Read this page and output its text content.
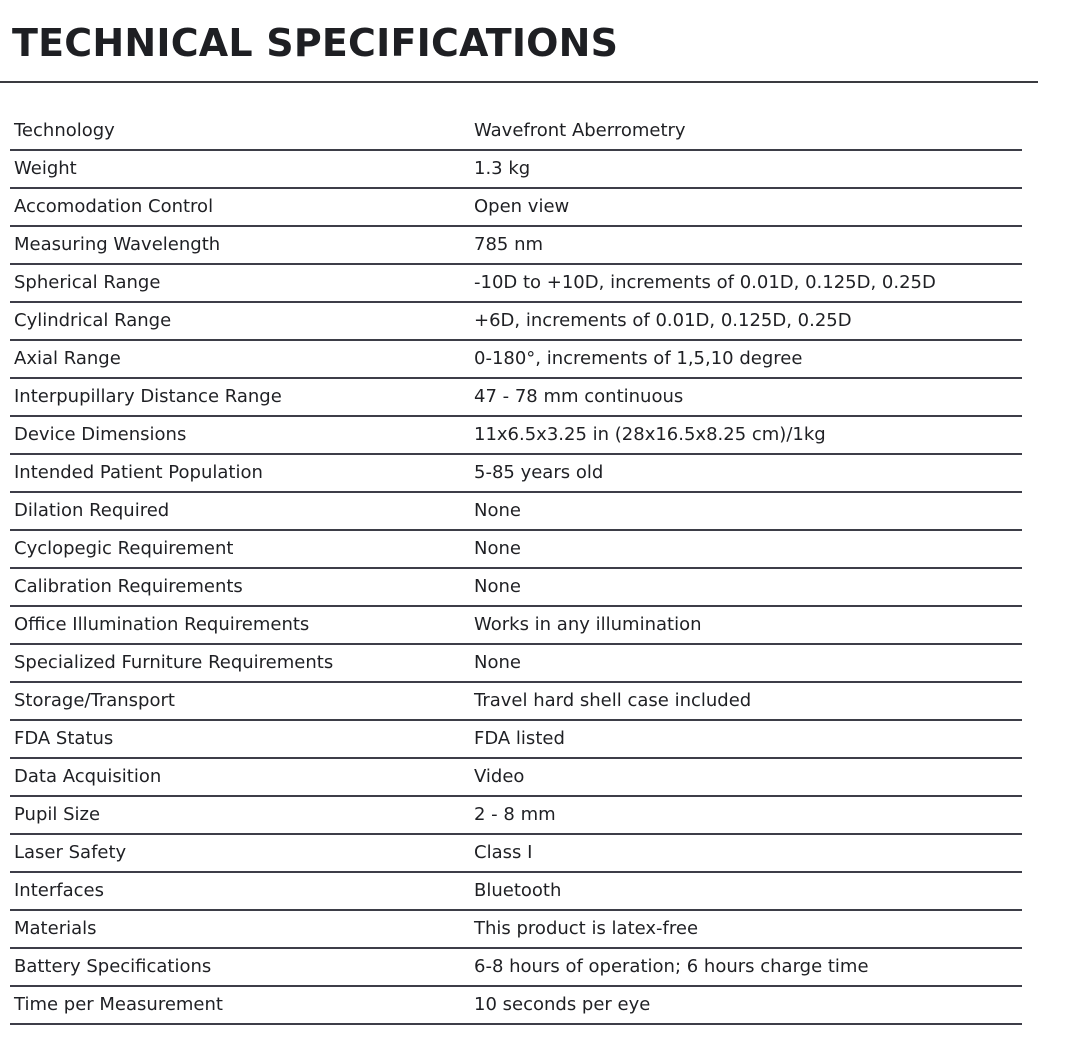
TECHNICAL SPECIFICATIONS
Technology	Wavefront Aberrometry
Weight	1.3 kg
Accomodation Control	Open view
Measuring Wavelength	785 nm
Spherical Range	-10D to +10D, increments of 0.01D, 0.125D, 0.25D
Cylindrical Range	+6D, increments of 0.01D, 0.125D, 0.25D
Axial Range	0-180°, increments of 1,5,10 degree
Interpupillary Distance Range	47 - 78 mm continuous
Device Dimensions	11x6.5x3.25 in (28x16.5x8.25 cm)/1kg
Intended Patient Population	5-85 years old
Dilation Required	None
Cyclopegic Requirement	None
Calibration Requirements	None
Office Illumination Requirements	Works in any illumination
Specialized Furniture Requirements	None
Storage/Transport	Travel hard shell case included
FDA Status	FDA listed
Data Acquisition	Video
Pupil Size	2 - 8 mm
Laser Safety	Class I
Interfaces	Bluetooth
Materials	This product is latex-free
Battery Specifications	6-8 hours of operation; 6 hours charge time
Time per Measurement	10 seconds per eye
